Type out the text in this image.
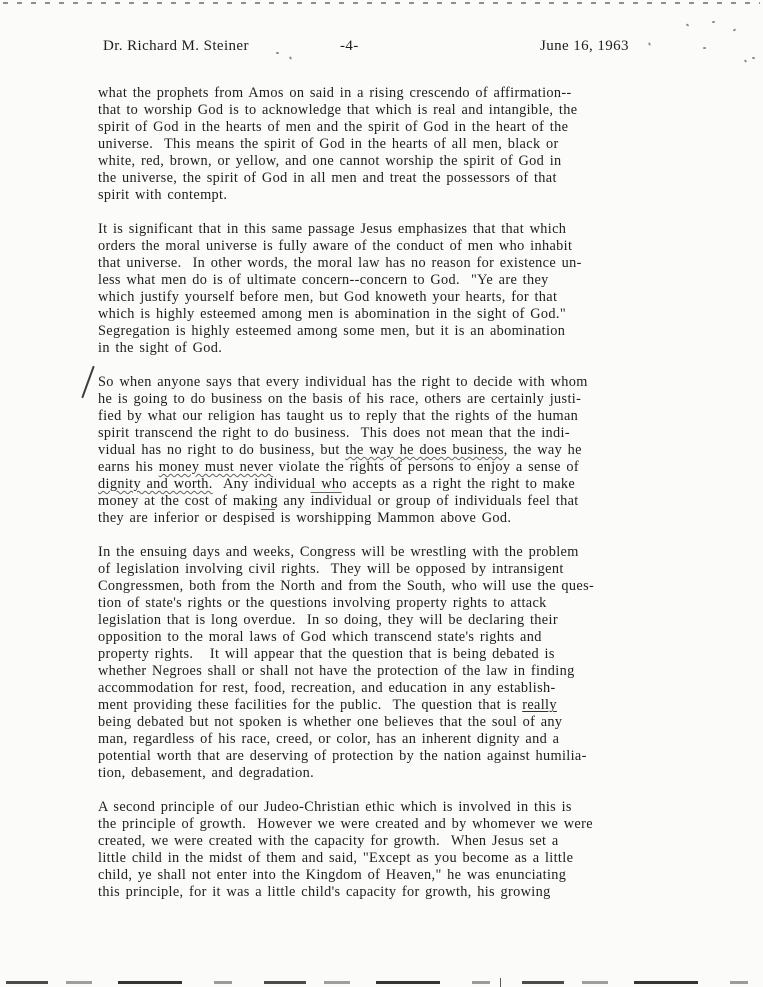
Dr. Richard M. Steiner	-4-	June 16, 1963
what the prophets from Amos on said in a rising crescendo of affirmation--
that to worship God is to acknowledge that which is real and intangible, the
spirit of God in the hearts of men and the spirit of God in the heart of the
universe.  This means the spirit of God in the hearts of all men, black or
white, red, brown, or yellow, and one cannot worship the spirit of God in
the universe, the spirit of God in all men and treat the possessors of that
spirit with contempt.
It is significant that in this same passage Jesus emphasizes that that which
orders the moral universe is fully aware of the conduct of men who inhabit
that universe.  In other words, the moral law has no reason for existence un-
less what men do is of ultimate concern--concern to God.  "Ye are they
which justify yourself before men, but God knoweth your hearts, for that
which is highly esteemed among men is abomination in the sight of God."
Segregation is highly esteemed among some men, but it is an abomination
in the sight of God.
So when anyone says that every individual has the right to decide with whom
he is going to do business on the basis of his race, others are certainly justi-
fied by what our religion has taught us to reply that the rights of the human
spirit transcend the right to do business.  This does not mean that the indi-
vidual has no right to do business, but the way he does business, the way he
earns his money must never violate the rights of persons to enjoy a sense of
dignity and worth.  Any individual who accepts as a right the right to make
money at the cost of making any individual or group of individuals feel that
they are inferior or $despis\overline{ed}$ is worshipping Mammon above God.
In the ensuing days and weeks, Congress will be wrestling with the problem
of legislation involving civil rights.  They will be opposed by intransigent
Congressmen, both from the North and from the South, who will use the ques-
tion of state's rights or the questions involving property rights to attack
legislation that is long overdue.  In so doing, they will be declaring their
opposition to the moral laws of God which transcend state's rights and
property rights.   It will appear that the question that is being debated is
whether Negroes shall or shall not have the protection of the law in finding
accommodation for rest, food, recreation, and education in any establish-
ment providing these facilities for the public.  The question that is really
being debated but not spoken is whether one believes that the soul of any
man, regardless of his race, creed, or color, has an inherent dignity and a
potential worth that are deserving of protection by the nation against humilia-
tion, debasement, and degradation.
A second principle of our Judeo-Christian ethic which is involved in this is
the principle of growth.  However we were created and by whomever we were
created, we were created with the capacity for growth.  When Jesus set a
little child in the midst of them and said, "Except as you become as a little
child, ye shall not enter into the Kingdom of Heaven," he was enunciating
this principle, for it was a little child's capacity for growth, his growing
